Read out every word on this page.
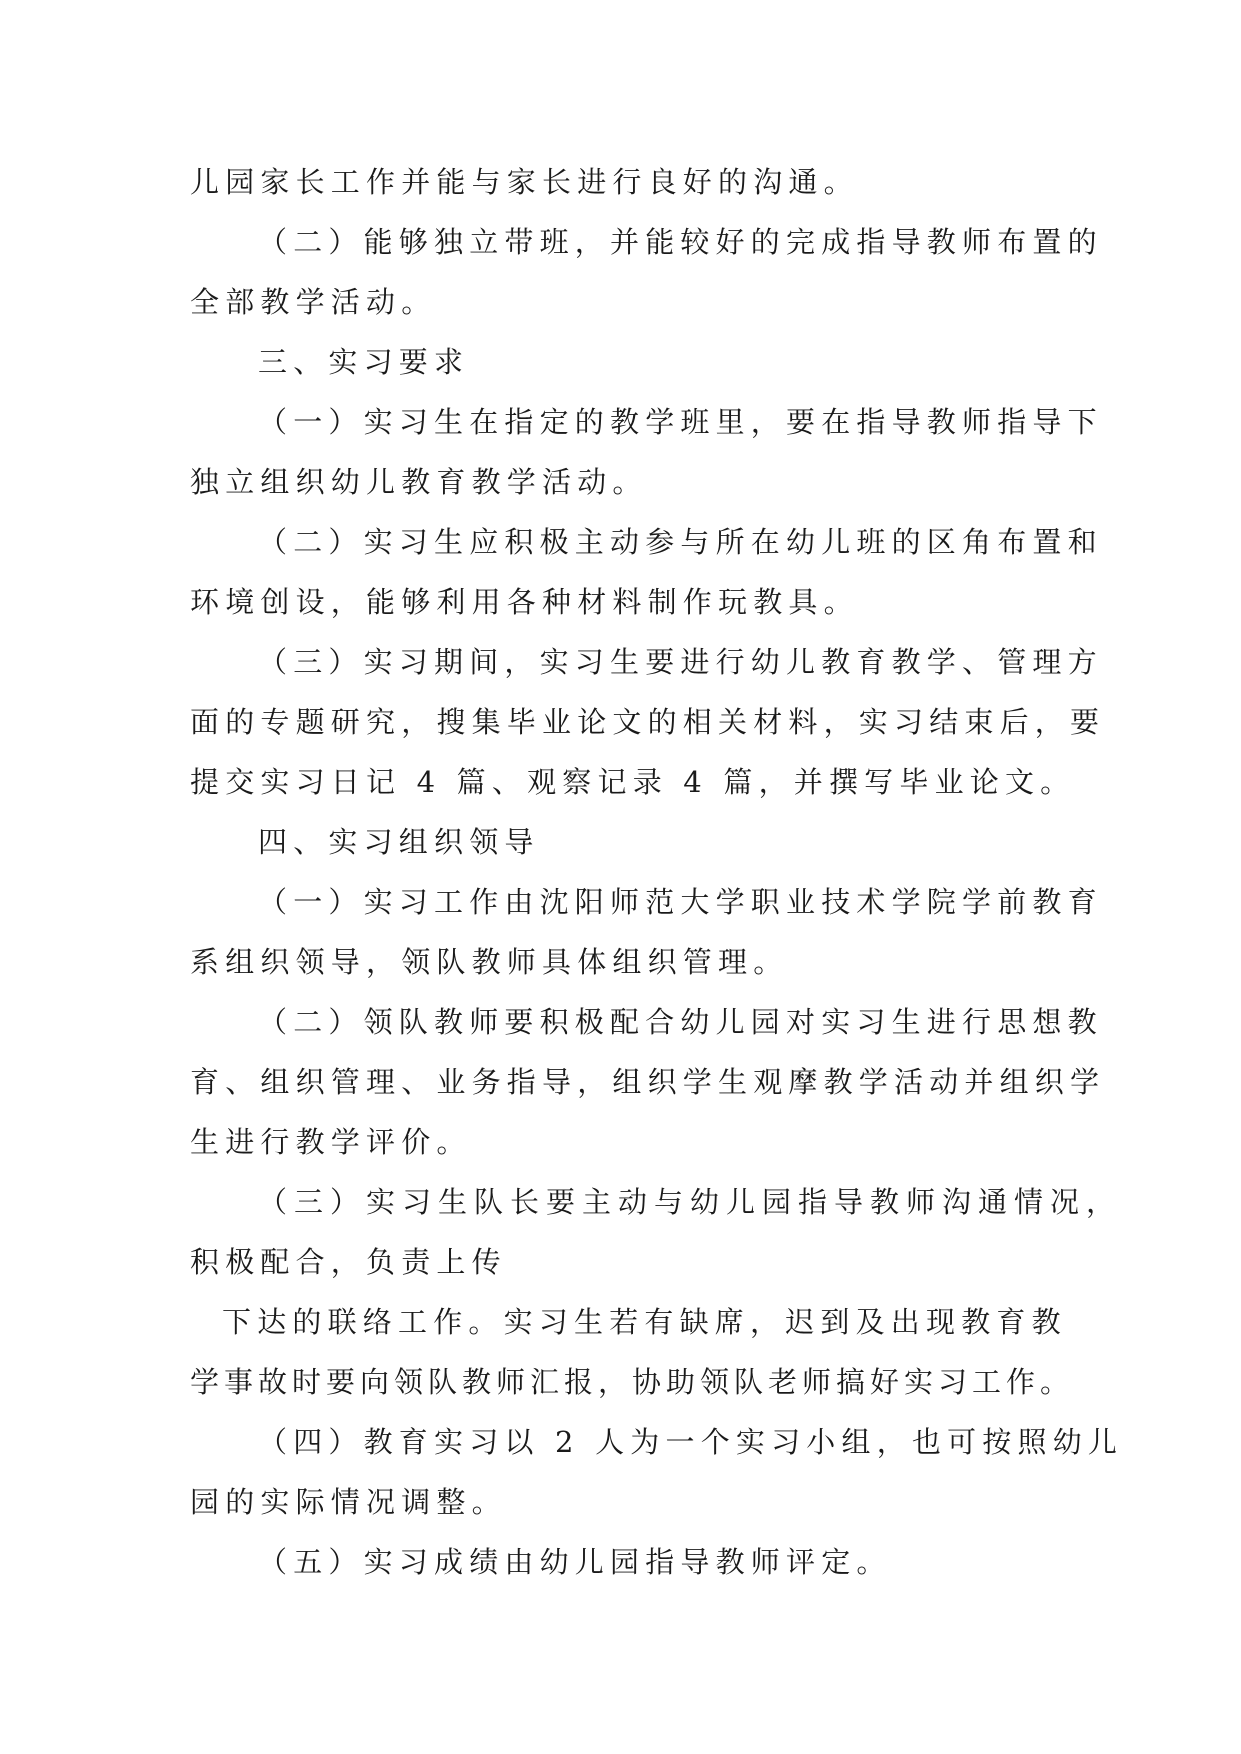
儿园家长工作并能与家长进行良好的沟通。
（二）能够独立带班，并能较好的完成指导教师布置的
全部教学活动。
三、实习要求
（一）实习生在指定的教学班里，要在指导教师指导下
独立组织幼儿教育教学活动。
（二）实习生应积极主动参与所在幼儿班的区角布置和
环境创设，能够利用各种材料制作玩教具。
（三）实习期间，实习生要进行幼儿教育教学、管理方
面的专题研究，搜集毕业论文的相关材料，实习结束后，要
提交实习日记 4 篇、观察记录 4 篇，并撰写毕业论文。
四、实习组织领导
（一）实习工作由沈阳师范大学职业技术学院学前教育
系组织领导，领队教师具体组织管理。
（二）领队教师要积极配合幼儿园对实习生进行思想教
育、组织管理、业务指导，组织学生观摩教学活动并组织学
生进行教学评价。
（三）实习生队长要主动与幼儿园指导教师沟通情况，
积极配合，负责上传
下达的联络工作。实习生若有缺席，迟到及出现教育教
学事故时要向领队教师汇报，协助领队老师搞好实习工作。
（四）教育实习以 2 人为一个实习小组，也可按照幼儿
园的实际情况调整。
（五）实习成绩由幼儿园指导教师评定。
